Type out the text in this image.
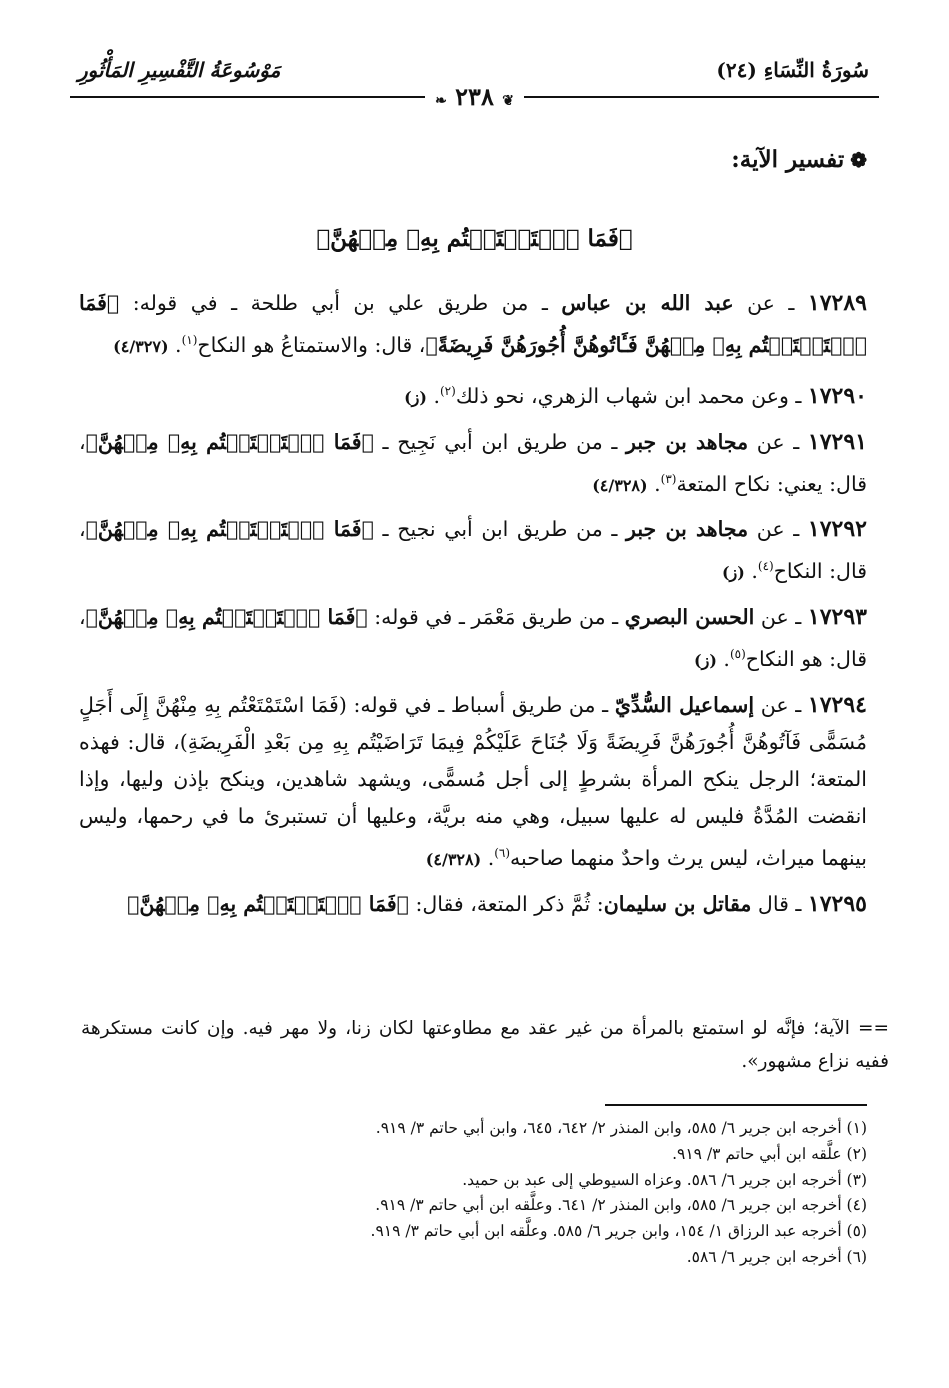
سُورَةُ النِّسَاءِ (٢٤)
مَوْسُوعَةُ التَّفْسِيرِ المَأْثُورِ
❦ ٢٣٨ ❧
❁تفسير الآية:
﴿فَمَا ٱسۡتَمۡتَعۡتُم بِهِۦ مِنۡهُنَّ﴾
١٧٢٨٩ ـ عن عبد الله بن عباس ـ من طريق علي بن أبي طلحة ـ في قوله: ﴿فَمَا ٱسۡتَمۡتَعۡتُم بِهِۦ مِنۡهُنَّ فَـَٔاتُوهُنَّ أُجُورَهُنَّ فَرِيضَةً﴾، قال: والاستمتاعُ هو النكاح$^{(١)}$. (٤/٣٢٧)
١٧٢٩٠ ـ وعن محمد ابن شهاب الزهري، نحو ذلك$^{(٢)}$. (ز)
١٧٢٩١ ـ عن مجاهد بن جبر ـ من طريق ابن أبي نَجِيح ـ ﴿فَمَا ٱسۡتَمۡتَعۡتُم بِهِۦ مِنۡهُنَّ﴾، قال: يعني: نكاح المتعة$^{(٣)}$. (٤/٣٢٨)
١٧٢٩٢ ـ عن مجاهد بن جبر ـ من طريق ابن أبي نجيح ـ ﴿فَمَا ٱسۡتَمۡتَعۡتُم بِهِۦ مِنۡهُنَّ﴾، قال: النكاح$^{(٤)}$. (ز)
١٧٢٩٣ ـ عن الحسن البصري ـ من طريق مَعْمَر ـ في قوله: ﴿فَمَا ٱسۡتَمۡتَعۡتُم بِهِۦ مِنۡهُنَّ﴾، قال: هو النكاح$^{(٥)}$. (ز)
١٧٢٩٤ ـ عن إسماعيل السُّدِّيّ ـ من طريق أسباط ـ في قوله: (فَمَا اسْتَمْتَعْتُم بِهِ مِنْهُنَّ إِلَى أَجَلٍ مُسَمًّى فَآتُوهُنَّ أُجُورَهُنَّ فَرِيضَةً وَلَا جُنَاحَ عَلَيْكُمْ فِيمَا تَرَاضَيْتُم بِهِ مِن بَعْدِ الْفَرِيضَةِ)، قال: فهذه المتعة؛ الرجل ينكح المرأة بشرطٍ إلى أجل مُسمًّى، ويشهد شاهدين، وينكح بإذن وليها، وإذا انقضت المُدَّةُ فليس له عليها سبيل، وهي منه بريَّة، وعليها أن تستبرئ ما في رحمها، وليس بينهما ميراث، ليس يرث واحدٌ منهما صاحبه$^{(٦)}$. (٤/٣٢٨)
١٧٢٩٥ ـ قال مقاتل بن سليمان: ثُمَّ ذكر المتعة، فقال: ﴿فَمَا ٱسۡتَمۡتَعۡتُم بِهِۦ مِنۡهُنَّ﴾
== الآية؛ فإنَّه لو استمتع بالمرأة من غير عقد مع مطاوعتها لكان زنا، ولا مهر فيه. وإن كانت مستكرهة ففيه نزاع مشهور».
(١) أخرجه ابن جرير ٦/ ٥٨٥، وابن المنذر ٢/ ٦٤٢، ٦٤٥، وابن أبي حاتم ٣/ ٩١٩.
(٢) علَّقه ابن أبي حاتم ٣/ ٩١٩.
(٣) أخرجه ابن جرير ٦/ ٥٨٦. وعزاه السيوطي إلى عبد بن حميد.
(٤) أخرجه ابن جرير ٦/ ٥٨٥، وابن المنذر ٢/ ٦٤١. وعلَّقه ابن أبي حاتم ٣/ ٩١٩.
(٥) أخرجه عبد الرزاق ١/ ١٥٤، وابن جرير ٦/ ٥٨٥. وعلَّقه ابن أبي حاتم ٣/ ٩١٩.
(٦) أخرجه ابن جرير ٦/ ٥٨٦.
